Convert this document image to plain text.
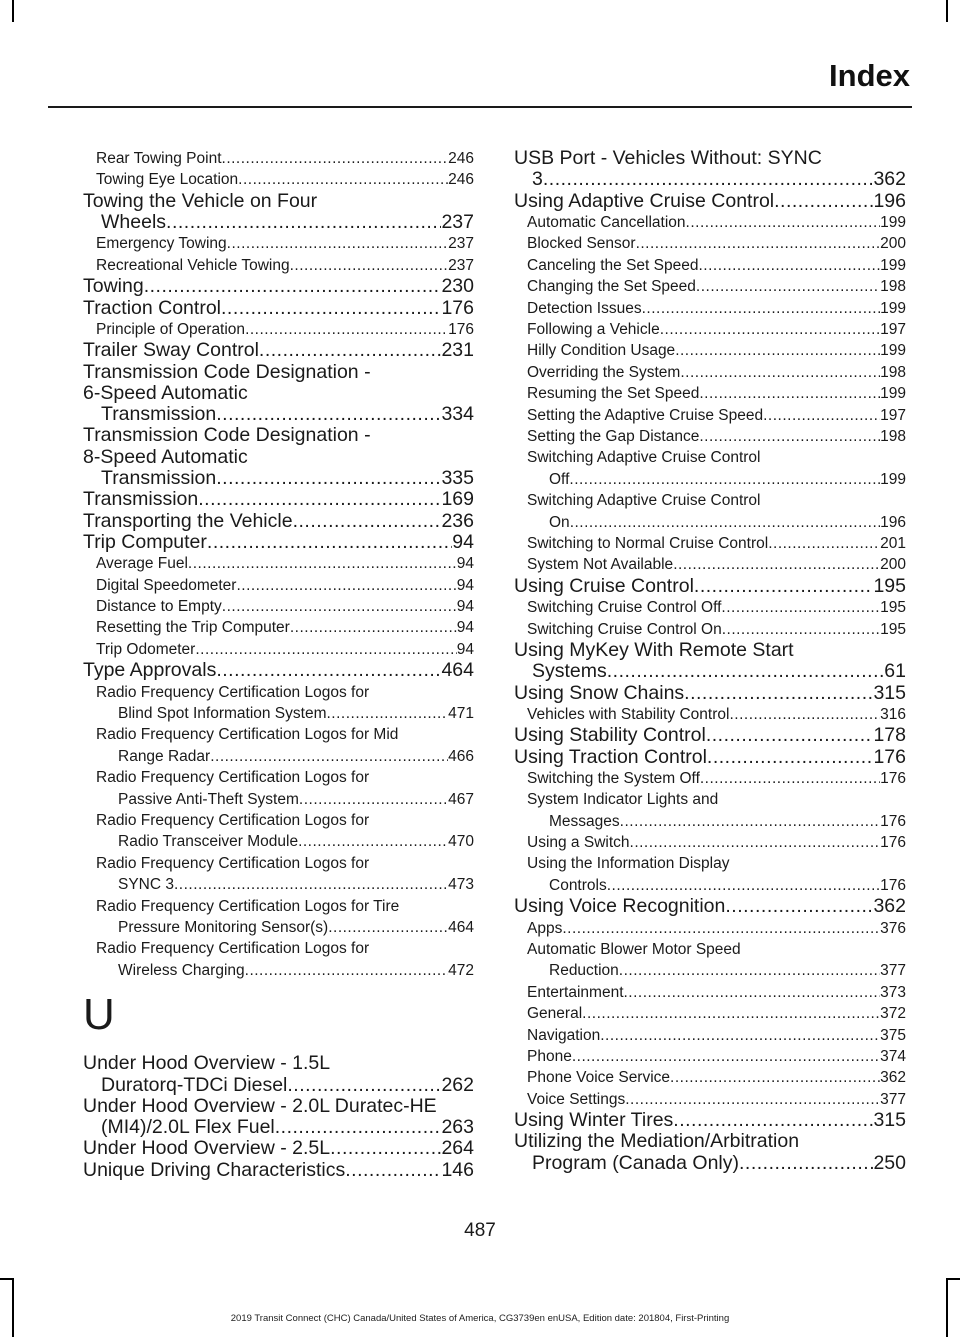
Index
Rear Towing Point .....	246
Towing Eye Location .....	246
Towing the Vehicle on Four
Wheels .....	237
Emergency Towing .....	237
Recreational Vehicle Towing .....	237
Towing .....	230
Traction Control .....	176
Principle of Operation .....	176
Trailer Sway Control .....	231
Transmission Code Designation -
6-Speed Automatic
Transmission .....	334
Transmission Code Designation -
8-Speed Automatic
Transmission .....	335
Transmission .....	169
Transporting the Vehicle .....	236
Trip Computer .....	94
Average Fuel .....	94
Digital Speedometer .....	94
Distance to Empty .....	94
Resetting the Trip Computer .....	94
Trip Odometer .....	94
Type Approvals .....	464
Radio Frequency Certification Logos for
Blind Spot Information System .....	471
Radio Frequency Certification Logos for Mid
Range Radar .....	466
Radio Frequency Certification Logos for
Passive Anti-Theft System .....	467
Radio Frequency Certification Logos for
Radio Transceiver Module .....	470
Radio Frequency Certification Logos for
SYNC 3 .....	473
Radio Frequency Certification Logos for Tire
Pressure Monitoring Sensor(s) .....	464
Radio Frequency Certification Logos for
Wireless Charging .....	472
U
Under Hood Overview - 1.5L
Duratorq-TDCi Diesel .....	262
Under Hood Overview - 2.0L Duratec-HE
(MI4)/2.0L Flex Fuel .....	263
Under Hood Overview - 2.5L .....	264
Unique Driving Characteristics .....	146
USB Port - Vehicles Without: SYNC
3 .....	362
Using Adaptive Cruise Control .....	196
Automatic Cancellation .....	199
Blocked Sensor .....	200
Canceling the Set Speed .....	199
Changing the Set Speed .....	198
Detection Issues .....	199
Following a Vehicle .....	197
Hilly Condition Usage .....	199
Overriding the System .....	198
Resuming the Set Speed .....	199
Setting the Adaptive Cruise Speed .....	197
Setting the Gap Distance .....	198
Switching Adaptive Cruise Control
Off .....	199
Switching Adaptive Cruise Control
On .....	196
Switching to Normal Cruise Control .....	201
System Not Available .....	200
Using Cruise Control .....	195
Switching Cruise Control Off .....	195
Switching Cruise Control On .....	195
Using MyKey With Remote Start
Systems .....	61
Using Snow Chains .....	315
Vehicles with Stability Control .....	316
Using Stability Control .....	178
Using Traction Control .....	176
Switching the System Off .....	176
System Indicator Lights and
Messages .....	176
Using a Switch .....	176
Using the Information Display
Controls .....	176
Using Voice Recognition .....	362
Apps .....	376
Automatic Blower Motor Speed
Reduction .....	377
Entertainment .....	373
General .....	372
Navigation .....	375
Phone .....	374
Phone Voice Service .....	362
Voice Settings .....	377
Using Winter Tires .....	315
Utilizing the Mediation/Arbitration
Program (Canada Only) .....	250
487
2019 Transit Connect (CHC) Canada/United States of America, CG3739en enUSA, Edition date: 201804, First-Printing
